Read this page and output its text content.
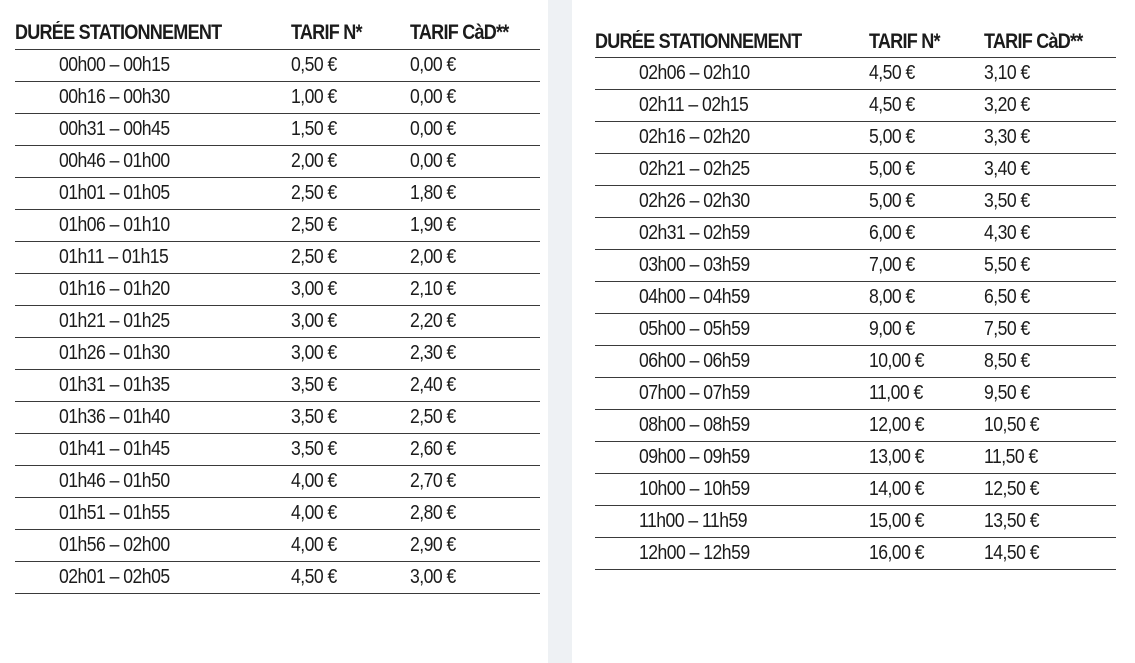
DURÉE STATIONNEMENT	TARIF N*	TARIF CàD**
00h00 – 00h15	0,50 €	0,00 €
00h16 – 00h30	1,00 €	0,00 €
00h31 – 00h45	1,50 €	0,00 €
00h46 – 01h00	2,00 €	0,00 €
01h01 – 01h05	2,50 €	1,80 €
01h06 – 01h10	2,50 €	1,90 €
01h11 – 01h15	2,50 €	2,00 €
01h16 – 01h20	3,00 €	2,10 €
01h21 – 01h25	3,00 €	2,20 €
01h26 – 01h30	3,00 €	2,30 €
01h31 – 01h35	3,50 €	2,40 €
01h36 – 01h40	3,50 €	2,50 €
01h41 – 01h45	3,50 €	2,60 €
01h46 – 01h50	4,00 €	2,70 €
01h51 – 01h55	4,00 €	2,80 €
01h56 – 02h00	4,00 €	2,90 €
02h01 – 02h05	4,50 €	3,00 €
DURÉE STATIONNEMENT	TARIF N*	TARIF CàD**
02h06 – 02h10	4,50 €	3,10 €
02h11 – 02h15	4,50 €	3,20 €
02h16 – 02h20	5,00 €	3,30 €
02h21 – 02h25	5,00 €	3,40 €
02h26 – 02h30	5,00 €	3,50 €
02h31 – 02h59	6,00 €	4,30 €
03h00 – 03h59	7,00 €	5,50 €
04h00 – 04h59	8,00 €	6,50 €
05h00 – 05h59	9,00 €	7,50 €
06h00 – 06h59	10,00 €	8,50 €
07h00 – 07h59	11,00 €	9,50 €
08h00 – 08h59	12,00 €	10,50 €
09h00 – 09h59	13,00 €	11,50 €
10h00 – 10h59	14,00 €	12,50 €
11h00 – 11h59	15,00 €	13,50 €
12h00 – 12h59	16,00 €	14,50 €
